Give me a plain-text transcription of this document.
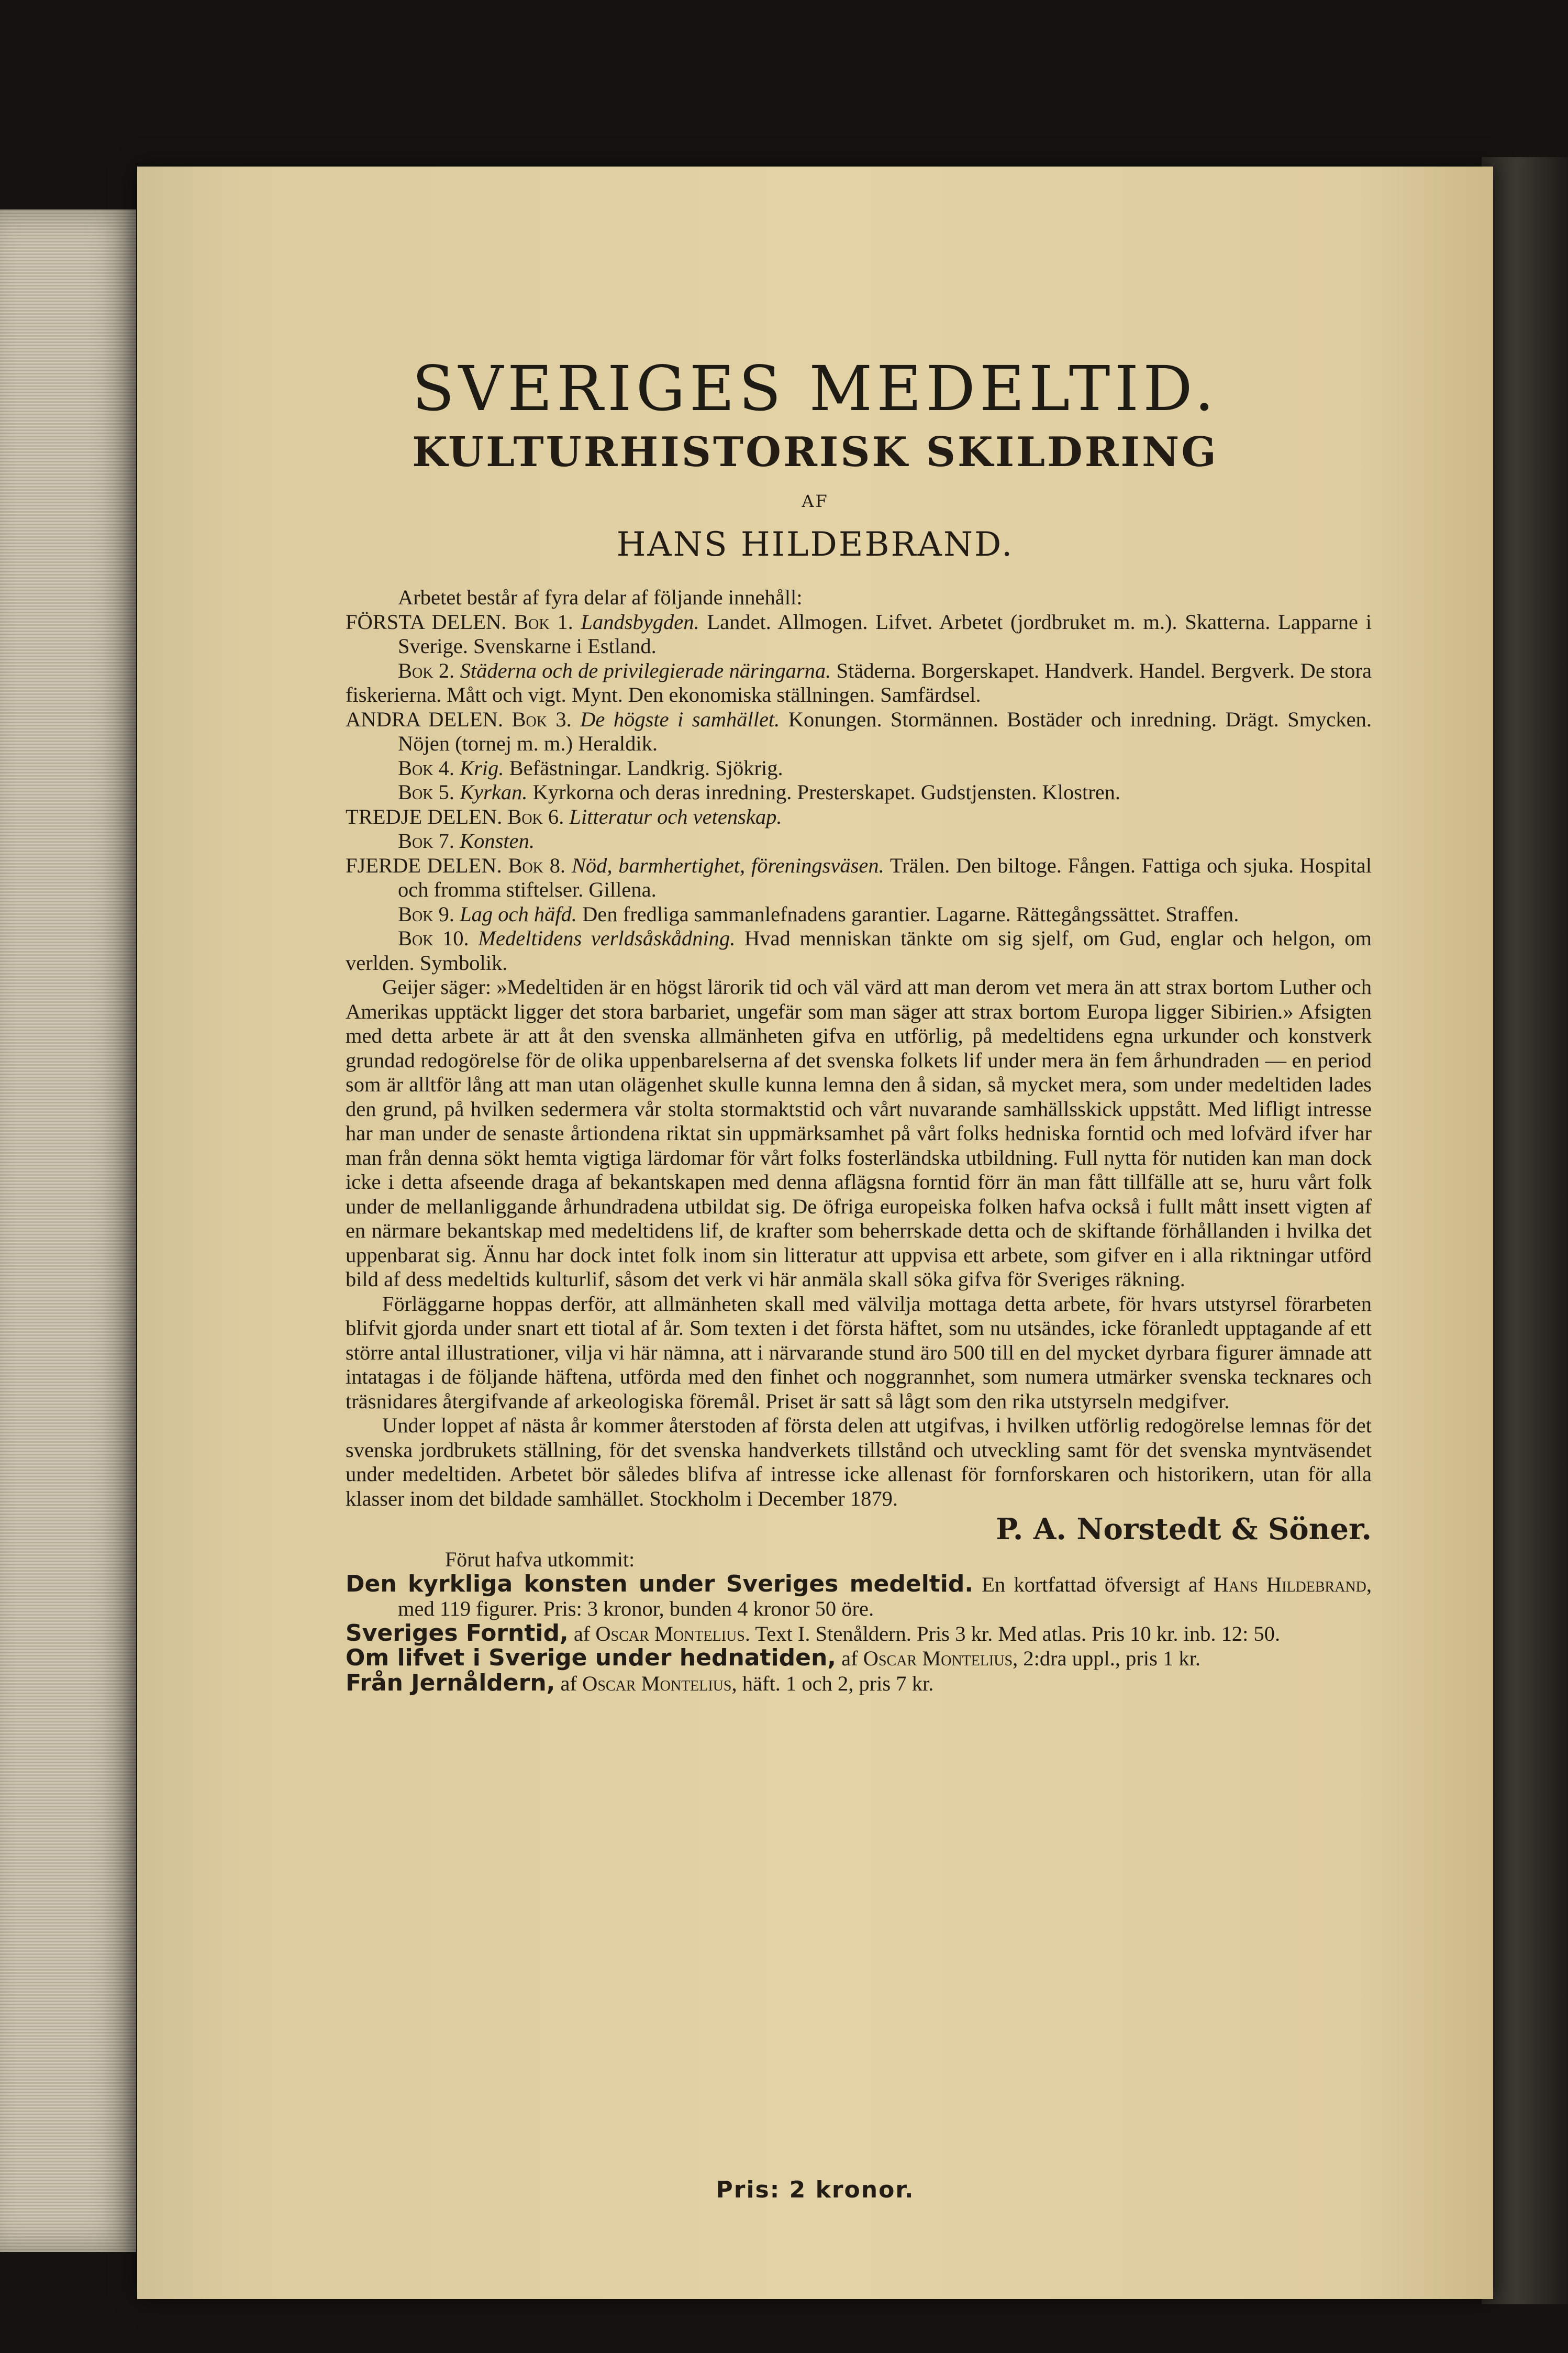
SVERIGES MEDELTID.
KULTURHISTORISK SKILDRING
AF
HANS HILDEBRAND.

Arbetet består af fyra delar af följande innehåll:

FÖRSTA DELEN. Bok 1. Landsbygden. Landet. Allmogen. Lifvet. Arbetet (jordbruket m. m.). Skatterna. Lapparne i Sverige. Svenskarne i Estland.

Bok 2. Städerna och de privilegierade näringarna. Städerna. Borgerskapet. Handverk. Handel. Bergverk. De stora fiskerierna. Mått och vigt. Mynt. Den ekonomiska ställningen. Samfärdsel.

ANDRA DELEN. Bok 3. De högste i samhället. Konungen. Stormännen. Bostäder och inredning. Drägt. Smycken. Nöjen (tornej m. m.) Heraldik.

Bok 4. Krig. Befästningar. Landkrig. Sjökrig.

Bok 5. Kyrkan. Kyrkorna och deras inredning. Presterskapet. Gudstjensten. Klostren.

TREDJE DELEN. Bok 6. Litteratur och vetenskap.

Bok 7. Konsten.

FJERDE DELEN. Bok 8. Nöd, barmhertighet, föreningsväsen. Trälen. Den biltoge. Fången. Fattiga och sjuka. Hospital och fromma stiftelser. Gillena.

Bok 9. Lag och häfd. Den fredliga sammanlefnadens garantier. Lagarne. Rättegångssättet. Straffen.

Bok 10. Medeltidens verldsåskådning. Hvad menniskan tänkte om sig sjelf, om Gud, englar och helgon, om verlden. Symbolik.

Geijer säger: »Medeltiden är en högst lärorik tid och väl värd att man derom vet mera än att strax bortom Luther och Amerikas upptäckt ligger det stora barbariet, ungefär som man säger att strax bortom Europa ligger Sibirien.» Afsigten med detta arbete är att åt den svenska allmänheten gifva en utförlig, på medeltidens egna urkunder och konstverk grundad redogörelse för de olika uppenbarelserna af det svenska folkets lif under mera än fem århundraden — en period som är alltför lång att man utan olägenhet skulle kunna lemna den å sidan, så mycket mera, som under medeltiden lades den grund, på hvilken sedermera vår stolta stormaktstid och vårt nuvarande samhällsskick uppstått. Med lifligt intresse har man under de senaste årtiondena riktat sin uppmärksamhet på vårt folks hedniska forntid och med lofvärd ifver har man från denna sökt hemta vigtiga lärdomar för vårt folks fosterländska utbildning. Full nytta för nutiden kan man dock icke i detta afseende draga af bekantskapen med denna aflägsna forntid förr än man fått tillfälle att se, huru vårt folk under de mellanliggande århundradena utbildat sig. De öfriga europeiska folken hafva också i fullt mått insett vigten af en närmare bekantskap med medeltidens lif, de krafter som beherrskade detta och de skiftande förhållanden i hvilka det uppenbarat sig. Ännu har dock intet folk inom sin litteratur att uppvisa ett arbete, som gifver en i alla riktningar utförd bild af dess medeltids kulturlif, såsom det verk vi här anmäla skall söka gifva för Sveriges räkning.

Förläggarne hoppas derför, att allmänheten skall med välvilja mottaga detta arbete, för hvars utstyrsel förarbeten blifvit gjorda under snart ett tiotal af år. Som texten i det första häftet, som nu utsändes, icke föranledt upptagande af ett större antal illustrationer, vilja vi här nämna, att i närvarande stund äro 500 till en del mycket dyrbara figurer ämnade att intatagas i de följande häftena, utförda med den finhet och noggrannhet, som numera utmärker svenska tecknares och träsnidares återgifvande af arkeologiska föremål. Priset är satt så lågt som den rika utstyrseln medgifver.

Under loppet af nästa år kommer återstoden af första delen att utgifvas, i hvilken utförlig redogörelse lemnas för det svenska jordbrukets ställning, för det svenska handverkets tillstånd och utveckling samt för det svenska myntväsendet under medeltiden. Arbetet bör således blifva af intresse icke allenast för fornforskaren och historikern, utan för alla klasser inom det bildade samhället. Stockholm i December 1879.

P. A. Norstedt & Söner.

Förut hafva utkommit:

Den kyrkliga konsten under Sveriges medeltid. En kortfattad öfversigt af Hans Hildebrand, med 119 figurer. Pris: 3 kronor, bunden 4 kronor 50 öre.

Sveriges Forntid, af Oscar Montelius. Text I. Stenåldern. Pris 3 kr. Med atlas. Pris 10 kr. inb. 12: 50.

Om lifvet i Sverige under hednatiden, af Oscar Montelius, 2:dra uppl., pris 1 kr.

Från Jernåldern, af Oscar Montelius, häft. 1 och 2, pris 7 kr.

Pris: 2 kronor.
